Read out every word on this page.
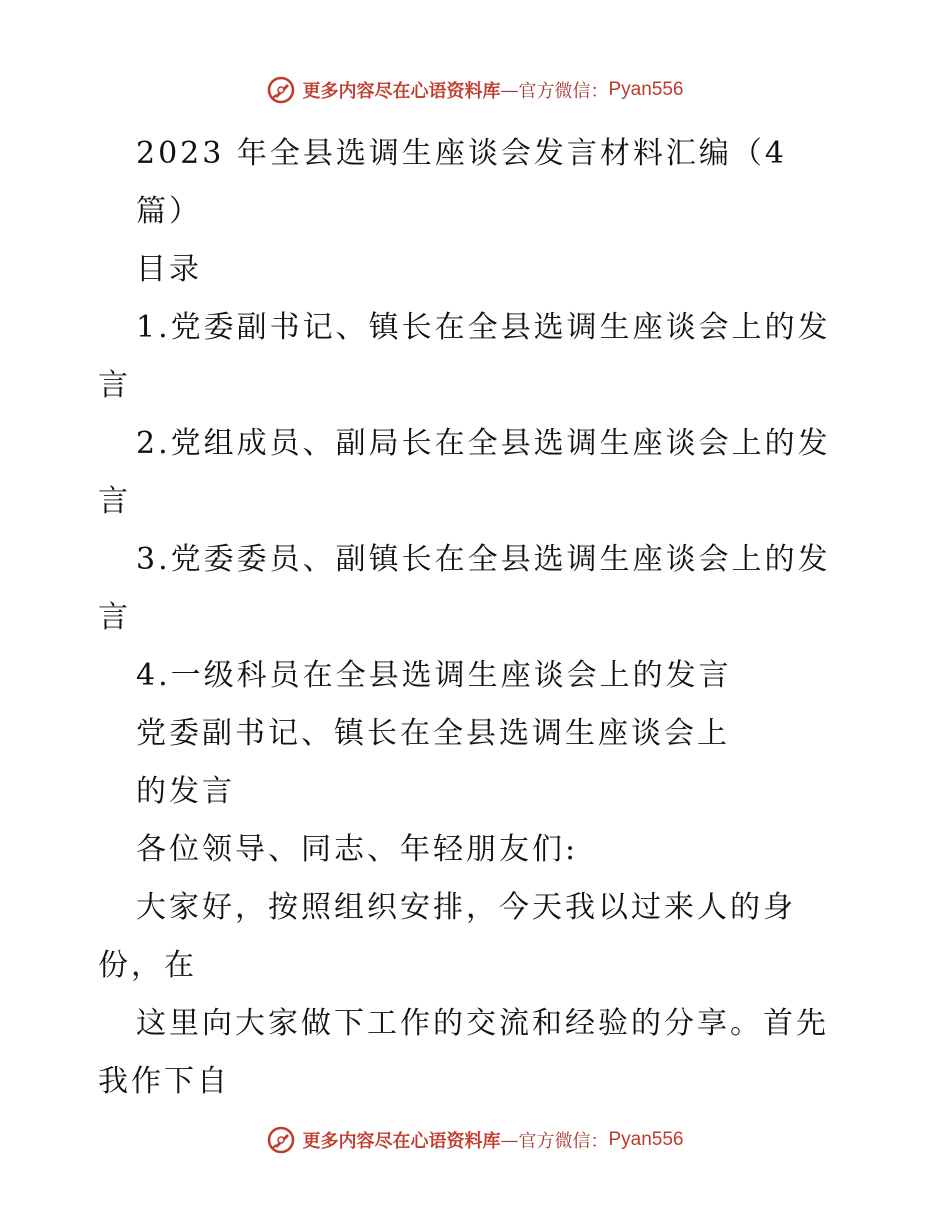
更多内容尽在心语资料库 — 官方微信： Pyan556
2023 年全县选调生座谈会发言材料汇编（4
篇）
目录
1.党委副书记、镇长在全县选调生座谈会上的发
言
2.党组成员、副局长在全县选调生座谈会上的发
言
3.党委委员、副镇长在全县选调生座谈会上的发
言
4.一级科员在全县选调生座谈会上的发言
党委副书记、镇长在全县选调生座谈会上
的发言
各位领导、同志、年轻朋友们:
大家好，按照组织安排，今天我以过来人的身
份，在
这里向大家做下工作的交流和经验的分享。首先
我作下自
更多内容尽在心语资料库 — 官方微信： Pyan556
